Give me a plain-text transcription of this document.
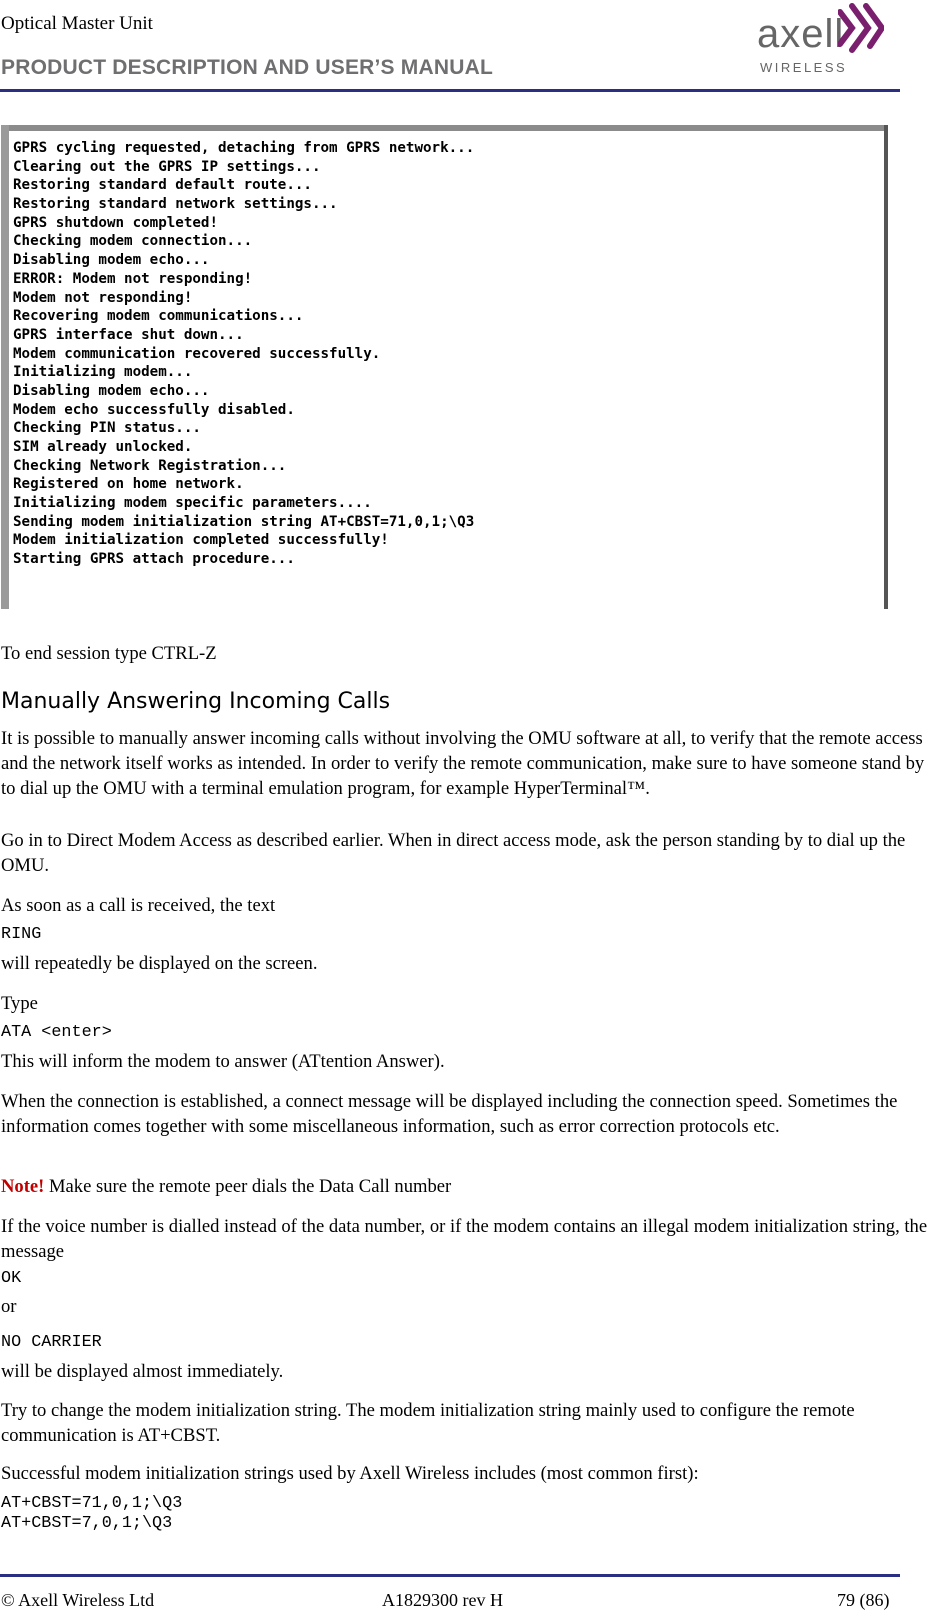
Optical Master Unit
PRODUCT DESCRIPTION AND USER’S MANUAL
axell
WIRELESS
GPRS cycling requested, detaching from GPRS network...
Clearing out the GPRS IP settings...
Restoring standard default route...
Restoring standard network settings...
GPRS shutdown completed!
Checking modem connection...
Disabling modem echo...
ERROR: Modem not responding!
Modem not responding!
Recovering modem communications...
GPRS interface shut down...
Modem communication recovered successfully.
Initializing modem...
Disabling modem echo...
Modem echo successfully disabled.
Checking PIN status...
SIM already unlocked.
Checking Network Registration...
Registered on home network.
Initializing modem specific parameters....
Sending modem initialization string AT+CBST=71,0,1;\Q3
Modem initialization completed successfully!
Starting GPRS attach procedure...
To end session type CTRL-Z
Manually Answering Incoming Calls
It is possible to manually answer incoming calls without involving the OMU software at all, to verify that the remote access and the network itself works as intended. In order to verify the remote communication, make sure to have someone stand by to dial up the OMU with a terminal emulation program, for example HyperTerminal™.
Go in to Direct Modem Access as described earlier. When in direct access mode, ask the person standing by to dial up the OMU.
As soon as a call is received, the text
RING
will repeatedly be displayed on the screen.
Type
ATA <enter>
This will inform the modem to answer (ATtention Answer).
When the connection is established, a connect message will be displayed including the connection speed. Sometimes the information comes together with some miscellaneous information, such as error correction protocols etc.
Note! Make sure the remote peer dials the Data Call number
If the voice number is dialled instead of the data number, or if the modem contains an illegal modem initialization string, the message
OK
or
NO CARRIER
will be displayed almost immediately.
Try to change the modem initialization string. The modem initialization string mainly used to configure the remote communication is AT+CBST.
Successful modem initialization strings used by Axell Wireless includes (most common first):
AT+CBST=71,0,1;\Q3
AT+CBST=7,0,1;\Q3
© Axell Wireless Ltd	A1829300 rev H	79 (86)
